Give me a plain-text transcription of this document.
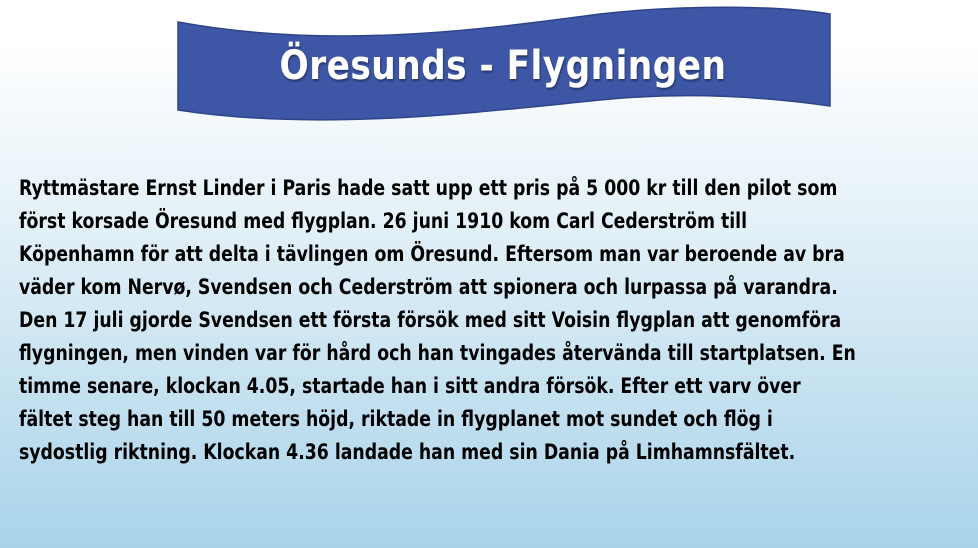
Öresunds - Flygningen
Ryttmästare Ernst Linder i Paris hade satt upp ett pris på 5 000 kr till den pilot som
först korsade Öresund med flygplan. 26 juni 1910 kom Carl Cederström till
Köpenhamn för att delta i tävlingen om Öresund. Eftersom man var beroende av bra
väder kom Nervø, Svendsen och Cederström att spionera och lurpassa på varandra.
Den 17 juli gjorde Svendsen ett första försök med sitt Voisin flygplan att genomföra
flygningen, men vinden var för hård och han tvingades återvända till startplatsen. En
timme senare, klockan 4.05, startade han i sitt andra försök. Efter ett varv över
fältet steg han till 50 meters höjd, riktade in flygplanet mot sundet och flög i
sydostlig riktning. Klockan 4.36 landade han med sin Dania på Limhamnsfältet.
